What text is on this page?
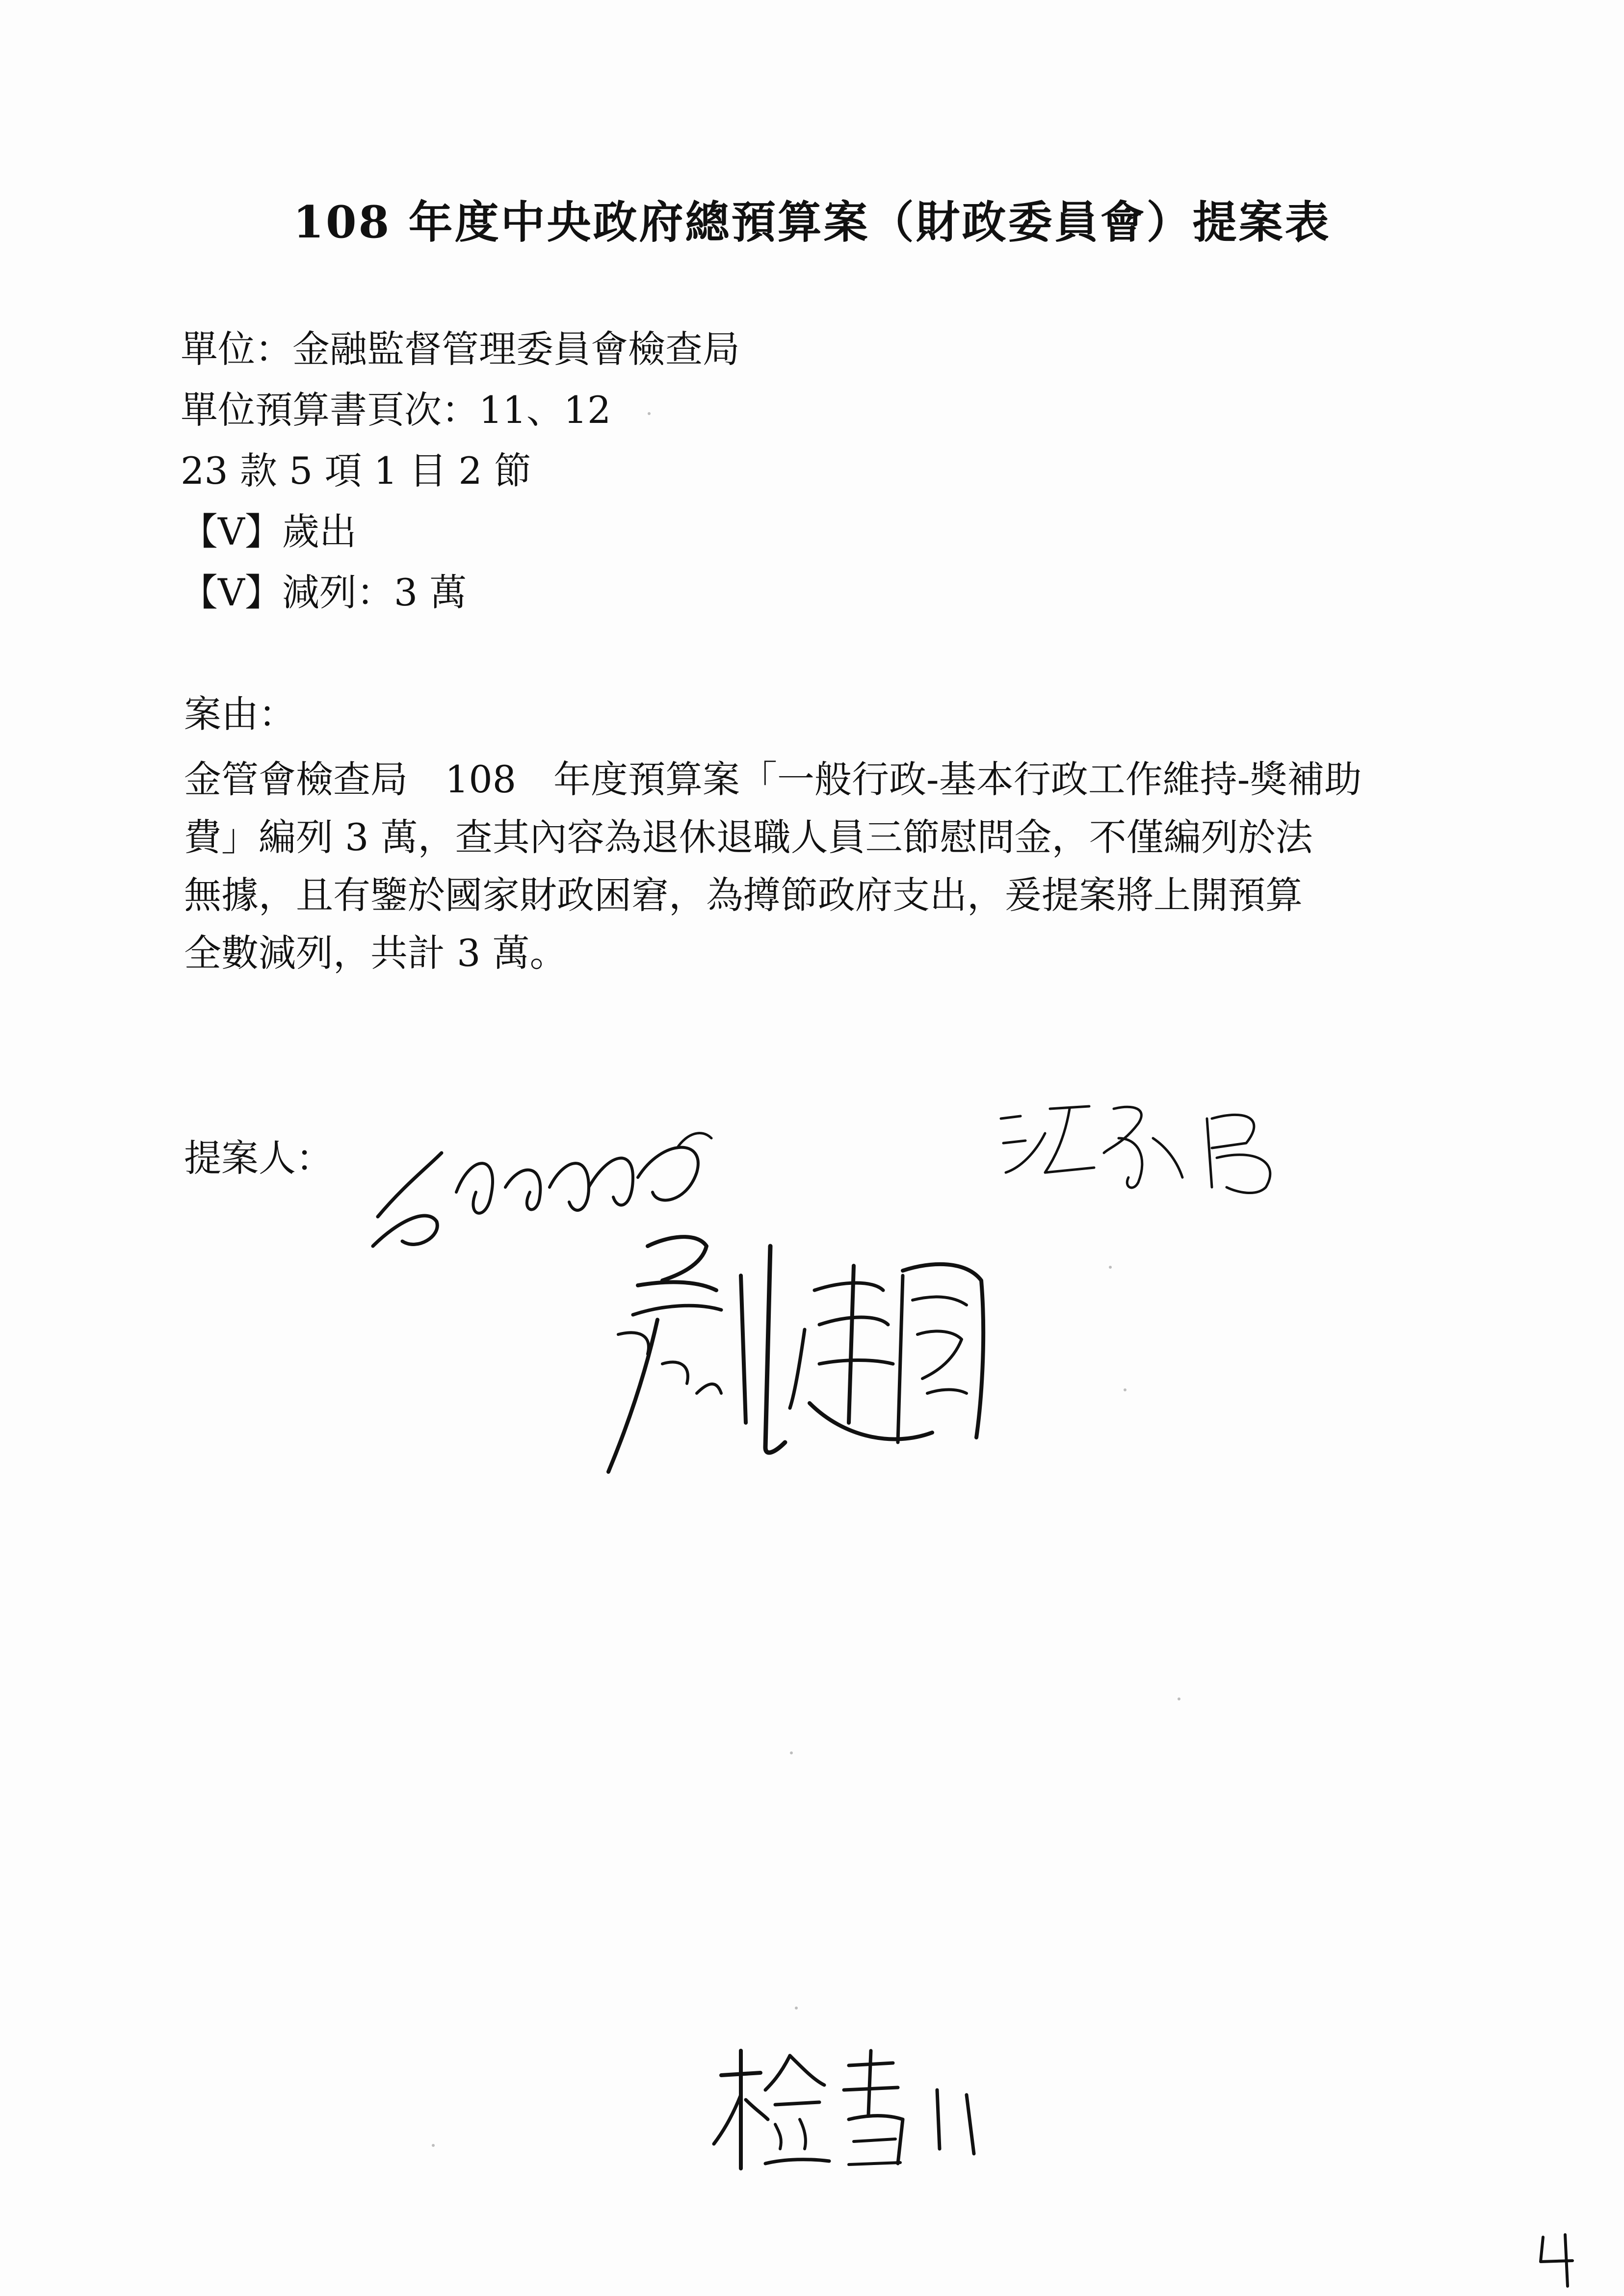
108 年度中央政府總預算案（財政委員會）提案表
單位：金融監督管理委員會檢查局
單位預算書頁次：11、12
23 款 5 項 1 目 2 節
【V】歲出
【V】減列：3 萬
案由：
金管會檢查局　108　年度預算案「一般行政-基本行政工作維持-獎補助
費」編列 3 萬，查其內容為退休退職人員三節慰問金，不僅編列於法
無據，且有鑒於國家財政困窘，為撙節政府支出，爰提案將上開預算
全數減列，共計 3 萬。
提案人：
